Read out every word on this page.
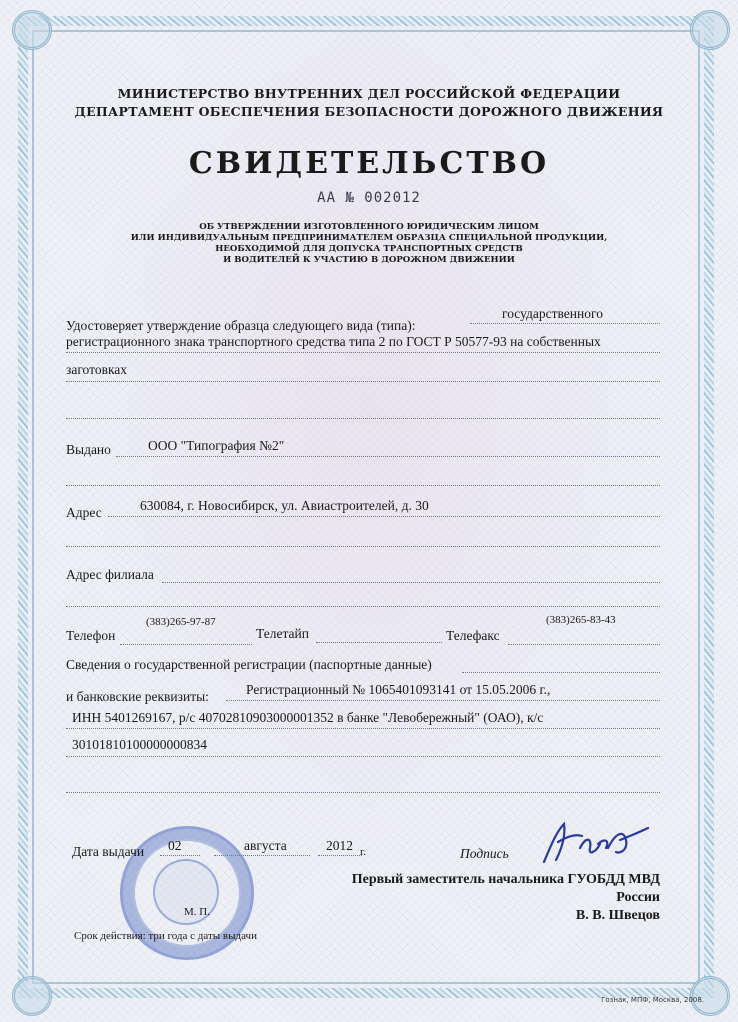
МИНИСТЕРСТВО ВНУТРЕННИХ ДЕЛ РОССИЙСКОЙ ФЕДЕРАЦИИ
ДЕПАРТАМЕНТ ОБЕСПЕЧЕНИЯ БЕЗОПАСНОСТИ ДОРОЖНОГО ДВИЖЕНИЯ
СВИДЕТЕЛЬСТВО
АА № 002012
ОБ УТВЕРЖДЕНИИ ИЗГОТОВЛЕННОГО ЮРИДИЧЕСКИМ ЛИЦОМ
ИЛИ ИНДИВИДУАЛЬНЫМ ПРЕДПРИНИМАТЕЛЕМ ОБРАЗЦА СПЕЦИАЛЬНОЙ ПРОДУКЦИИ,
НЕОБХОДИМОЙ ДЛЯ ДОПУСКА ТРАНСПОРТНЫХ СРЕДСТВ
И ВОДИТЕЛЕЙ К УЧАСТИЮ В ДОРОЖНОМ ДВИЖЕНИИ
Удостоверяет утверждение образца следующего вида (типа):
государственного
регистрационного знака транспортного средства типа 2 по ГОСТ Р 50577-93 на собственных
заготовках
Выдано	ООО "Типография №2"
Адрес	630084, г. Новосибирск, ул. Авиастроителей, д. 30
Адрес филиала
(383)265-97-87
Телефон	Телетайп	Телефакс
(383)265-83-43
Сведения о государственной регистрации (паспортные данные)
и банковские реквизиты:	Регистрационный № 1065401093141 от 15.05.2006 г.,
ИНН 5401269167, р/с 40702810903000001352 в банке "Левобережный" (ОАО), к/с
30101810100000000834
М. П.
Дата выдачи 02	августа	2012 г.	Подпись
Первый заместитель начальника ГУОБДД МВД
России
В. В. Швецов
Срок действия: три года с даты выдачи
Гознак, МПФ, Москва, 2008.
